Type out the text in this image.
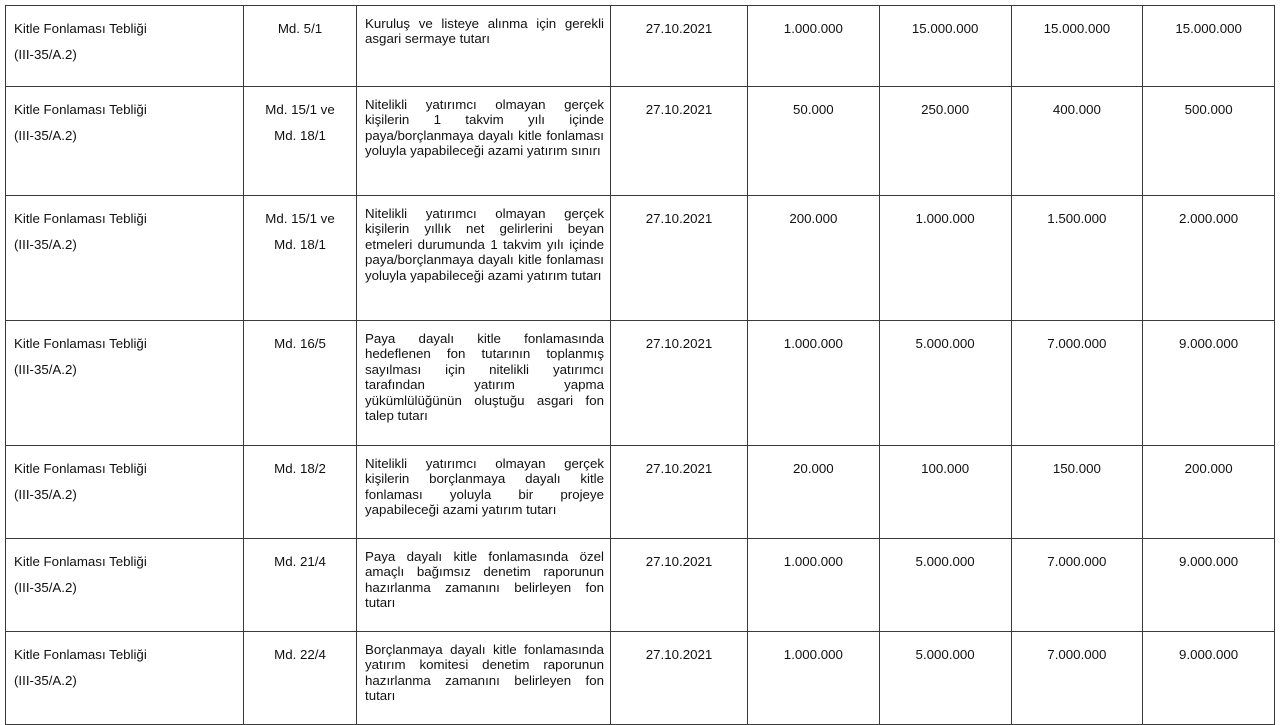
Kitle Fonlaması Tebliği
(III-35/A.2)	Md. 5/1	Kuruluş ve listeye alınma için gerekli asgari sermaye tutarı	27.10.2021	1.000.000	15.000.000	15.000.000	15.000.000

Kitle Fonlaması Tebliği
(III-35/A.2)	Md. 15/1 ve
Md. 18/1	Nitelikli yatırımcı olmayan gerçek kişilerin 1 takvim yılı içinde paya/borçlanmaya dayalı kitle fonlaması yoluyla yapabileceği azami yatırım sınırı	27.10.2021	50.000	250.000	400.000	500.000

Kitle Fonlaması Tebliği
(III-35/A.2)	Md. 15/1 ve
Md. 18/1	Nitelikli yatırımcı olmayan gerçek kişilerin yıllık net gelirlerini beyan etmeleri durumunda 1 takvim yılı içinde paya/borçlanmaya dayalı kitle fonlaması yoluyla yapabileceği azami yatırım tutarı	27.10.2021	200.000	1.000.000	1.500.000	2.000.000

Kitle Fonlaması Tebliği
(III-35/A.2)	Md. 16/5	Paya dayalı kitle fonlamasında hedeflenen fon tutarının toplanmış sayılması için nitelikli yatırımcı tarafından yatırım yapma yükümlülüğünün oluştuğu asgari fon talep tutarı	27.10.2021	1.000.000	5.000.000	7.000.000	9.000.000

Kitle Fonlaması Tebliği
(III-35/A.2)	Md. 18/2	Nitelikli yatırımcı olmayan gerçek kişilerin borçlanmaya dayalı kitle fonlaması yoluyla bir projeye yapabileceği azami yatırım tutarı	27.10.2021	20.000	100.000	150.000	200.000

Kitle Fonlaması Tebliği
(III-35/A.2)	Md. 21/4	Paya dayalı kitle fonlamasında özel amaçlı bağımsız denetim raporunun hazırlanma zamanını belirleyen fon tutarı	27.10.2021	1.000.000	5.000.000	7.000.000	9.000.000

Kitle Fonlaması Tebliği
(III-35/A.2)	Md. 22/4	Borçlanmaya dayalı kitle fonlamasında yatırım komitesi denetim raporunun hazırlanma zamanını belirleyen fon tutarı	27.10.2021	1.000.000	5.000.000	7.000.000	9.000.000
